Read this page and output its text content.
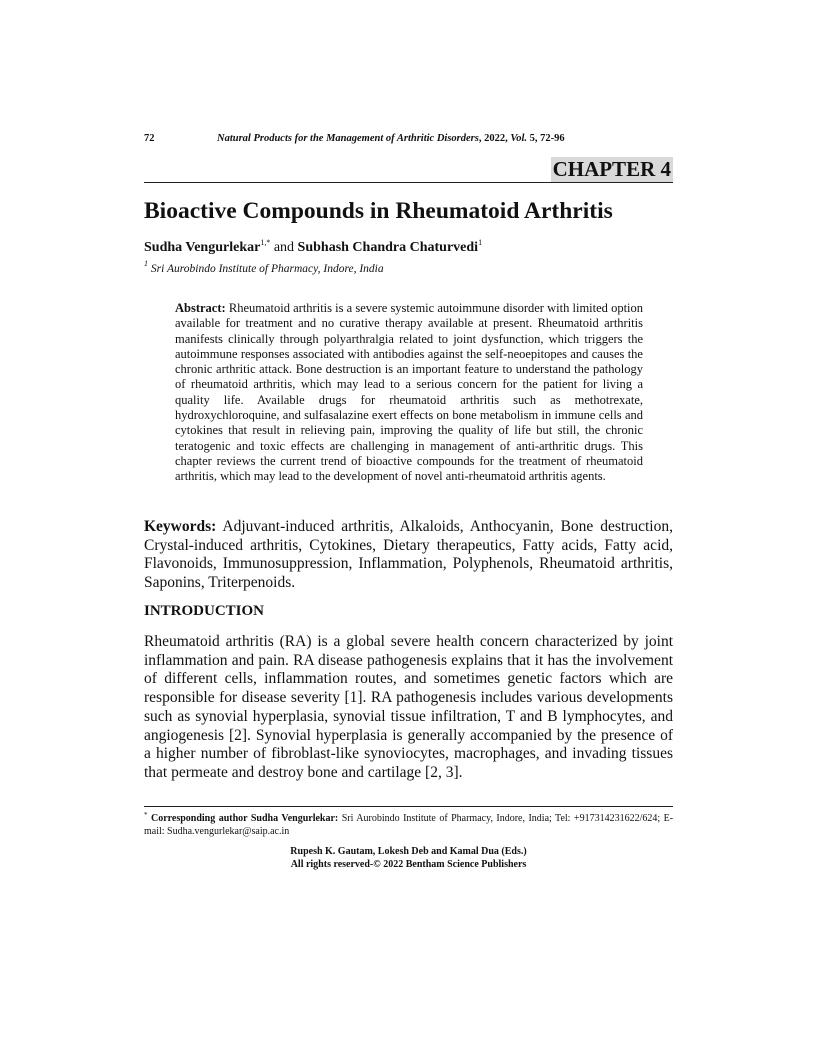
72	Natural Products for the Management of Arthritic Disorders, 2022, Vol. 5, 72-96
CHAPTER 4
Bioactive Compounds in Rheumatoid Arthritis
Sudha Vengurlekar$^{1,*}$ and Subhash Chandra Chaturvedi$^1$
$^1$ Sri Aurobindo Institute of Pharmacy, Indore, India
Abstract: Rheumatoid arthritis is a severe systemic autoimmune disorder with limited option available for treatment and no curative therapy available at present. Rheumatoid arthritis manifests clinically through polyarthralgia related to joint dysfunction, which triggers the autoimmune responses associated with antibodies against the self-neoepitopes and causes the chronic arthritic attack. Bone destruction is an important feature to understand the pathology of rheumatoid arthritis, which may lead to a serious concern for the patient for living a quality life. Available drugs for rheumatoid arthritis such as methotrexate, hydroxychloroquine, and sulfasalazine exert effects on bone metabolism in immune cells and cytokines that result in relieving pain, improving the quality of life but still, the chronic teratogenic and toxic effects are challenging in management of anti-arthritic drugs. This chapter reviews the current trend of bioactive compounds for the treatment of rheumatoid arthritis, which may lead to the development of novel anti-rheumatoid arthritis agents.
Keywords: Adjuvant-induced arthritis, Alkaloids, Anthocyanin, Bone destruction, Crystal-induced arthritis, Cytokines, Dietary therapeutics, Fatty acids, Fatty acid, Flavonoids, Immunosuppression, Inflammation, Polyphenols, Rheumatoid arthritis, Saponins, Triterpenoids.
INTRODUCTION

Rheumatoid arthritis (RA) is a global severe health concern characterized by joint inflammation and pain. RA disease pathogenesis explains that it has the involvement of different cells, inflammation routes, and sometimes genetic factors which are responsible for disease severity [1]. RA pathogenesis includes various developments such as synovial hyperplasia, synovial tissue infiltration, T and B lymphocytes, and angiogenesis [2]. Synovial hyperplasia is generally accompanied by the presence of a higher number of fibroblast-like synoviocytes, macrophages, and invading tissues that permeate and destroy bone and cartilage [2, 3].

* Corresponding author Sudha Vengurlekar: Sri Aurobindo Institute of Pharmacy, Indore, India; Tel: +917314231622/624; E-mail: Sudha.vengurlekar@saip.ac.in
Rupesh K. Gautam, Lokesh Deb and Kamal Dua (Eds.)
All rights reserved-© 2022 Bentham Science Publishers
